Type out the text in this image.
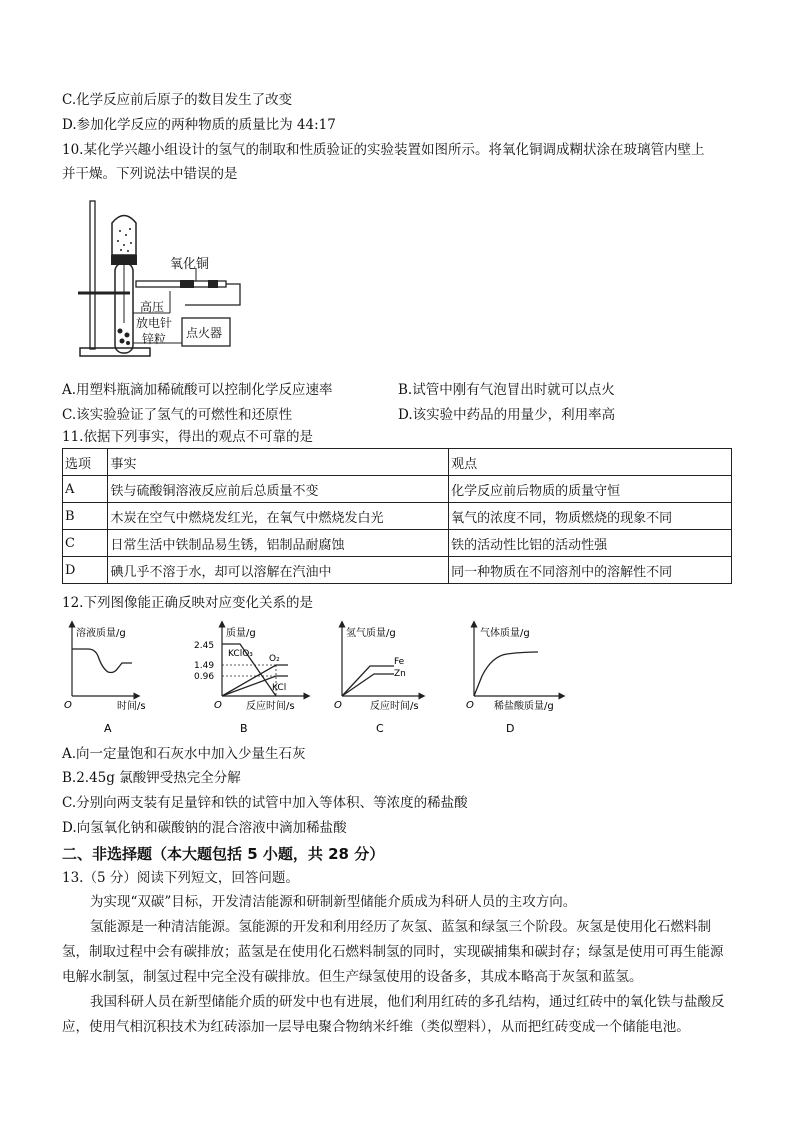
C.化学反应前后原子的数目发生了改变
D.参加化学反应的两种物质的质量比为 44:17
10.某化学兴趣小组设计的氢气的制取和性质验证的实验装置如图所示。将氧化铜调成糊状涂在玻璃管内壁上
并干燥。下列说法中错误的是
氧化铜
高压
放电针
锌粒 点火器
A.用塑料瓶滴加稀硫酸可以控制化学反应速率	B.试管中刚有气泡冒出时就可以点火
C.该实验验证了氢气的可燃性和还原性	D.该实验中药品的用量少，利用率高
11.依据下列事实，得出的观点不可靠的是
选项	事实	观点
A	铁与硫酸铜溶液反应前后总质量不变	化学反应前后物质的质量守恒
B	木炭在空气中燃烧发红光，在氧气中燃烧发白光	氧气的浓度不同，物质燃烧的现象不同
C	日常生活中铁制品易生锈，铝制品耐腐蚀	铁的活动性比铝的活动性强
D	碘几乎不溶于水，却可以溶解在汽油中	同一种物质在不同溶剂中的溶解性不同
12.下列图像能正确反映对应变化关系的是
溶液质量/g
时间/s
O
A
2.45
1.49
0.96
质量/g
KClO₃ O₂
KCl
反应时间/s
O
B
氢气质量/g
Fe
Zn
反应时间/s
O
C
气体质量/g
稀盐酸质量/g
O
D
A.向一定量饱和石灰水中加入少量生石灰
B.2.45g 氯酸钾受热完全分解
C.分别向两支装有足量锌和铁的试管中加入等体积、等浓度的稀盐酸
D.向氢氧化钠和碳酸钠的混合溶液中滴加稀盐酸
二、非选择题（本大题包括 5 小题，共 28 分）
13.（5 分）阅读下列短文，回答问题。
为实现“双碳”目标，开发清洁能源和研制新型储能介质成为科研人员的主攻方向。
氢能源是一种清洁能源。氢能源的开发和利用经历了灰氢、蓝氢和绿氢三个阶段。灰氢是使用化石燃料制氢，制取过程中会有碳排放；蓝氢是在使用化石燃料制氢的同时，实现碳捕集和碳封存；绿氢是使用可再生能源电解水制氢，制氢过程中完全没有碳排放。但生产绿氢使用的设备多，其成本略高于灰氢和蓝氢。
我国科研人员在新型储能介质的研发中也有进展，他们利用红砖的多孔结构，通过红砖中的氧化铁与盐酸反应，使用气相沉积技术为红砖添加一层导电聚合物纳米纤维（类似塑料），从而把红砖变成一个储能电池。
